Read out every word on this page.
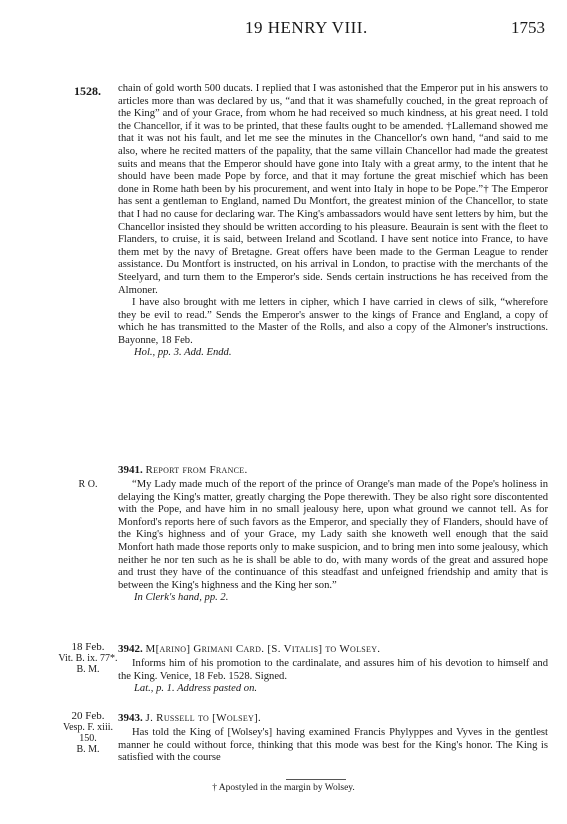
19 HENRY VIII.	1753
1528. chain of gold worth 500 ducats. I replied that I was astonished that the Emperor put in his answers to articles more than was declared by us, “and that it was shamefully couched, in the great reproach of the King” and of your Grace, from whom he had received so much kindness, at his great need. I told the Chancellor, if it was to be printed, that these faults ought to be amended. †Lallemand showed me that it was not his fault, and let me see the minutes in the Chancellor's own hand, “and said to me also, where he recited matters of the papality, that the same villain Chancellor had made the greatest suits and means that the Emperor should have gone into Italy with a great army, to the intent that he should have been made Pope by force, and that it may fortune the great mischief which has been done in Rome hath been by his procurement, and went into Italy in hope to be Pope.”† The Emperor has sent a gentleman to England, named Du Montfort, the greatest minion of the Chancellor, to state that I had no cause for declaring war. The King's ambassadors would have sent letters by him, but the Chancellor insisted they should be written according to his pleasure. Beaurain is sent with the fleet to Flanders, to cruise, it is said, between Ireland and Scotland. I have sent notice into France, to have them met by the navy of Bretagne. Great offers have been made to the German League to render assistance. Du Montfort is instructed, on his arrival in London, to practise with the merchants of the Steelyard, and turn them to the Emperor's side. Sends certain instructions he has received from the Almoner.

I have also brought with me letters in cipher, which I have carried in clews of silk, “wherefore they be evil to read.” Sends the Emperor's answer to the kings of France and England, a copy of which he has transmitted to the Master of the Rolls, and also a copy of the Almoner's instructions. Bayonne, 18 Feb.

Hol., pp. 3. Add. Endd.

3941. Report from France.
R O.	“My Lady made much of the report of the prince of Orange's man made of the Pope's holiness in delaying the King's matter, greatly charging the Pope therewith. They be also right sore discontented with the Pope, and have him in no small jealousy here, upon what ground we cannot tell. As for Monford's reports here of such favors as the Emperor, and specially they of Flanders, should have of the King's highness and of your Grace, my Lady saith she knoweth well enough that the said Monfort hath made those reports only to make suspicion, and to bring men into some jealousy, which neither he nor ten such as he is shall be able to do, with many words of the great and assured hope and trust they have of the continuance of this steadfast and unfeigned friendship and amity that is between the King's highness and the King her son.”

In Clerk's hand, pp. 2.

18 Feb.
Vit. B. ix. 77*.
B. M.
3942. M[arino] Grimani Card. [S. Vitalis] to Wolsey.

Informs him of his promotion to the cardinalate, and assures him of his devotion to himself and the King. Venice, 18 Feb. 1528. Signed.

Lat., p. 1. Address pasted on.

20 Feb.
Vesp. F. xiii.
150.
B. M.
3943. J. Russell to [Wolsey].

Has told the King of [Wolsey's] having examined Francis Phylyppes and Vyves in the gentlest manner he could without force, thinking that this mode was best for the King's honor. The King is satisfied with the course

† Apostyled in the margin by Wolsey.
